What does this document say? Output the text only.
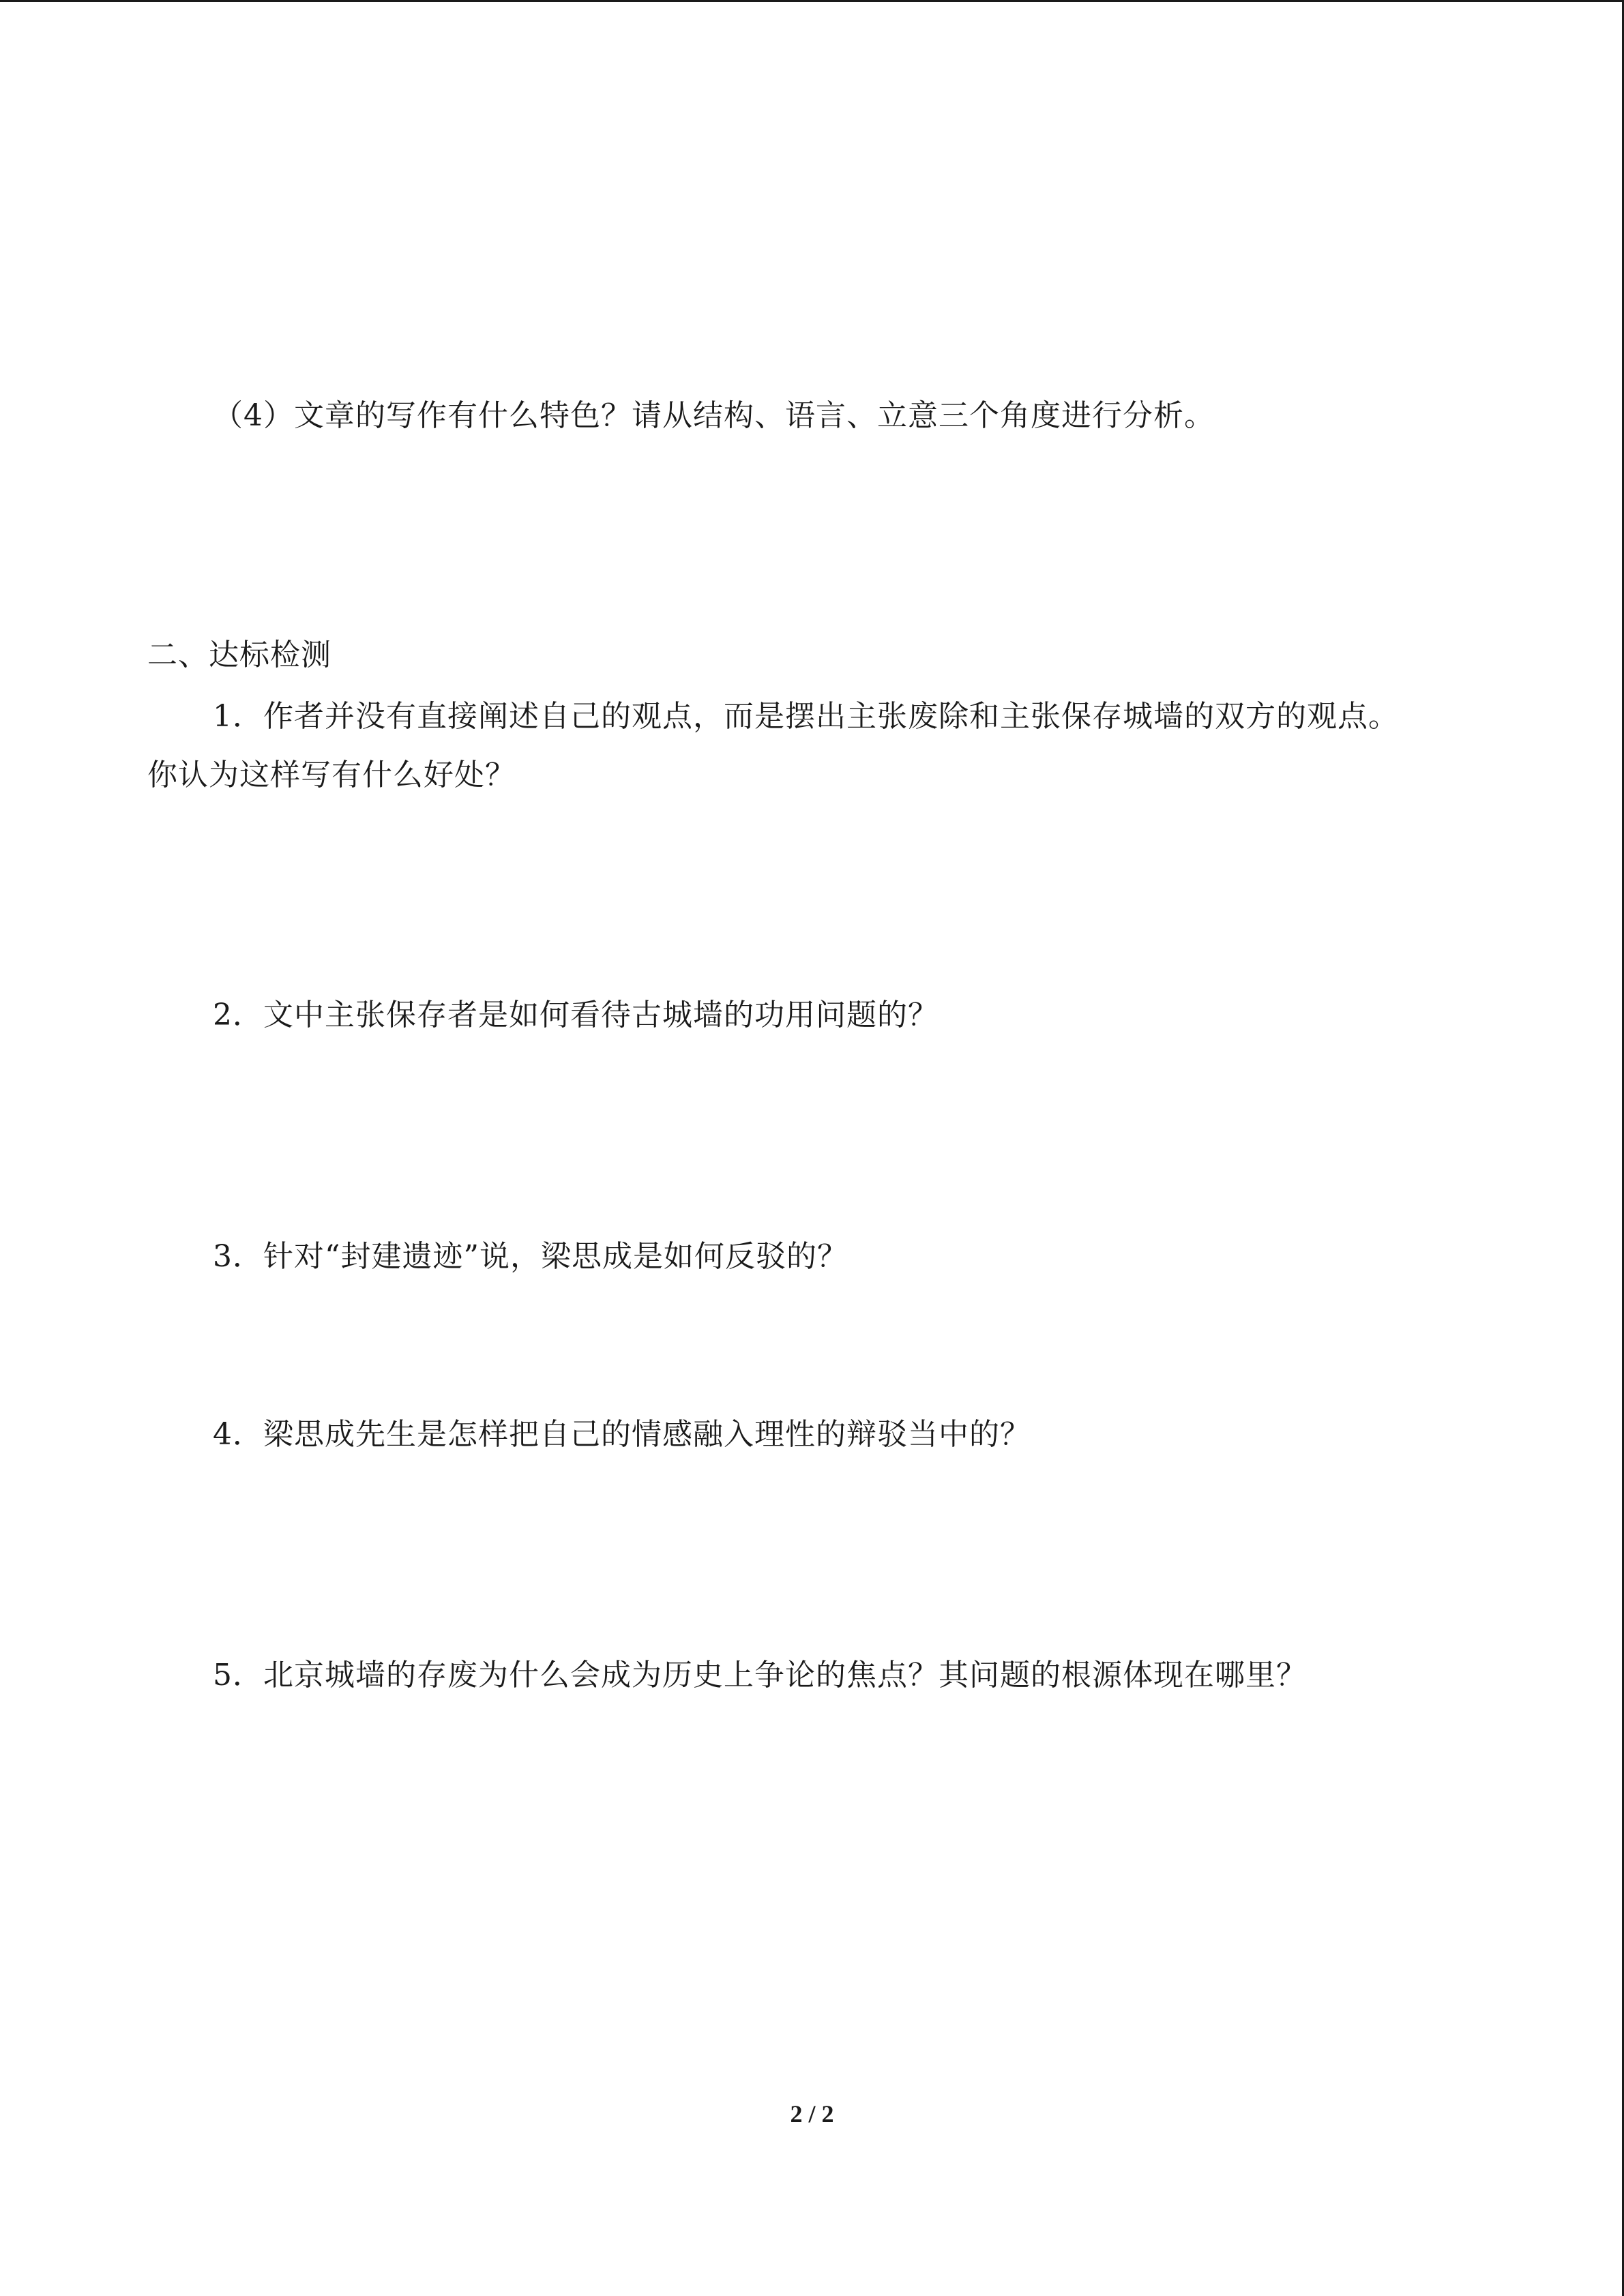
（4）文章的写作有什么特色？请从结构、语言、立意三个角度进行分析。
二、达标检测
1．作者并没有直接阐述自己的观点，而是摆出主张废除和主张保存城墙的双方的观点。
你认为这样写有什么好处？
2．文中主张保存者是如何看待古城墙的功用问题的？
3．针对“封建遗迹”说，梁思成是如何反驳的？
4．梁思成先生是怎样把自己的情感融入理性的辩驳当中的？
5．北京城墙的存废为什么会成为历史上争论的焦点？其问题的根源体现在哪里？
2 / 2
